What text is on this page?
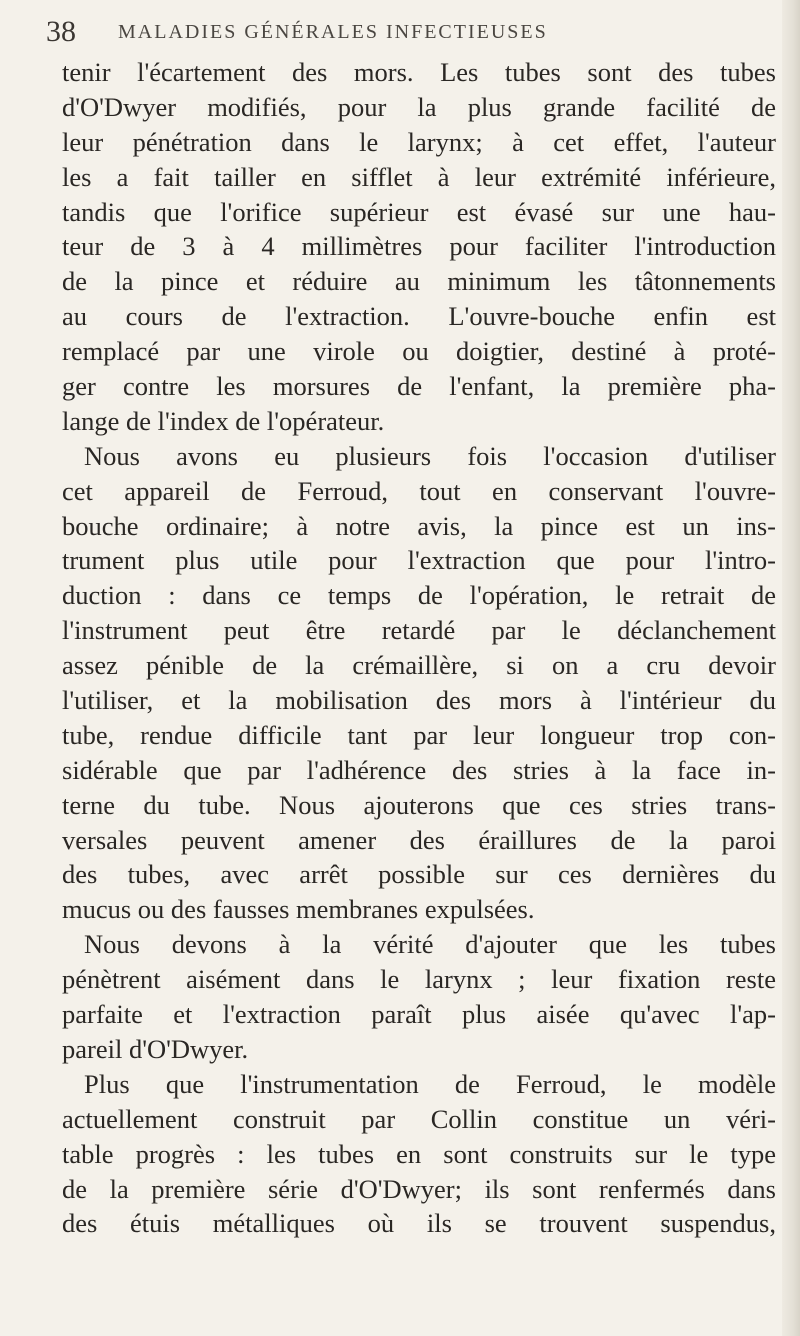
38 MALADIES GÉNÉRALES INFECTIEUSES
tenir l'écartement des mors. Les tubes sont des tubes
d'O'Dwyer modifiés, pour la plus grande facilité de
leur pénétration dans le larynx; à cet effet, l'auteur
les a fait tailler en sifflet à leur extrémité inférieure,
tandis que l'orifice supérieur est évasé sur une hau-
teur de 3 à 4 millimètres pour faciliter l'introduction
de la pince et réduire au minimum les tâtonnements
au cours de l'extraction. L'ouvre-bouche enfin est
remplacé par une virole ou doigtier, destiné à proté-
ger contre les morsures de l'enfant, la première pha-
lange de l'index de l'opérateur.
Nous avons eu plusieurs fois l'occasion d'utiliser
cet appareil de Ferroud, tout en conservant l'ouvre-
bouche ordinaire; à notre avis, la pince est un ins-
trument plus utile pour l'extraction que pour l'intro-
duction : dans ce temps de l'opération, le retrait de
l'instrument peut être retardé par le déclanchement
assez pénible de la crémaillère, si on a cru devoir
l'utiliser, et la mobilisation des mors à l'intérieur du
tube, rendue difficile tant par leur longueur trop con-
sidérable que par l'adhérence des stries à la face in-
terne du tube. Nous ajouterons que ces stries trans-
versales peuvent amener des éraillures de la paroi
des tubes, avec arrêt possible sur ces dernières du
mucus ou des fausses membranes expulsées.
Nous devons à la vérité d'ajouter que les tubes
pénètrent aisément dans le larynx ; leur fixation reste
parfaite et l'extraction paraît plus aisée qu'avec l'ap-
pareil d'O'Dwyer.
Plus que l'instrumentation de Ferroud, le modèle
actuellement construit par Collin constitue un véri-
table progrès : les tubes en sont construits sur le type
de la première série d'O'Dwyer; ils sont renfermés dans
des étuis métalliques où ils se trouvent suspendus,
